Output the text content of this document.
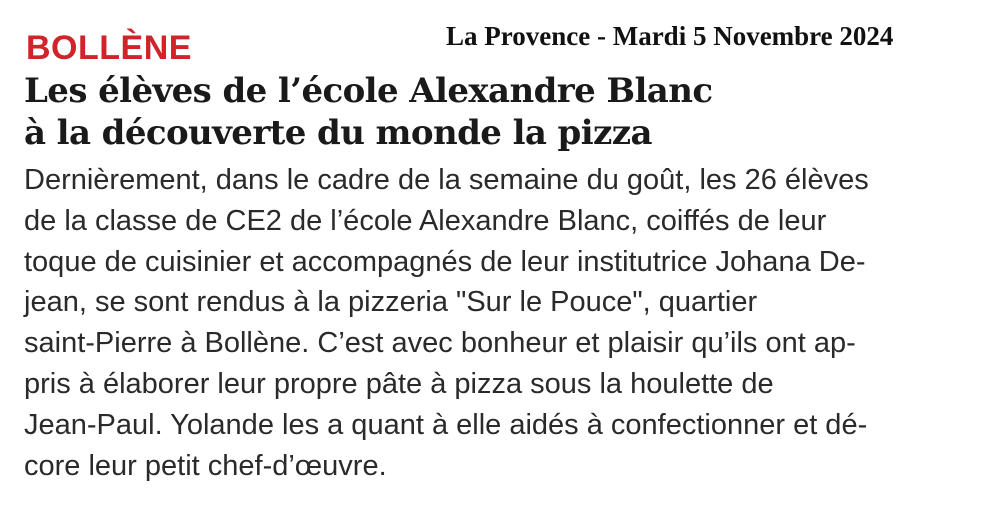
La Provence - Mardi 5 Novembre 2024
BOLLÈNE
Les élèves de l’école Alexandre Blanc
à la découverte du monde la pizza
Dernièrement, dans le cadre de la semaine du goût, les 26 élèves
de la classe de CE2 de l’école Alexandre Blanc, coiffés de leur
toque de cuisinier et accompagnés de leur institutrice Johana De-
jean, se sont rendus à la pizzeria "Sur le Pouce", quartier
saint-Pierre à Bollène. C’est avec bonheur et plaisir qu’ils ont ap-
pris à élaborer leur propre pâte à pizza sous la houlette de
Jean-Paul. Yolande les a quant à elle aidés à confectionner et dé-
core leur petit chef-d’œuvre.
